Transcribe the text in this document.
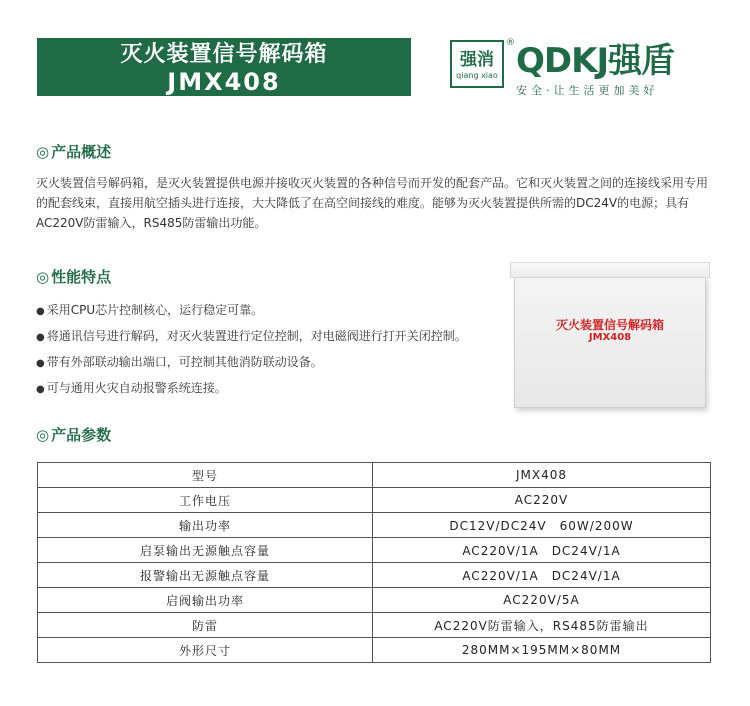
灭火装置信号解码箱
JMX408
强消
qiang xiao
® QDKJ强盾
安全·让生活更加美好
◎ 产品概述
灭火装置信号解码箱，是灭火装置提供电源并接收灭火装置的各种信号而开发的配套产品。它和灭火装置之间的连接线采用专用的配套线束，直接用航空插头进行连接，大大降低了在高空间接线的难度。能够为灭火装置提供所需的DC24V的电源；具有AC220V防雷输入，RS485防雷输出功能。
◎ 性能特点
● 采用CPU芯片控制核心，运行稳定可靠。
● 将通讯信号进行解码，对灭火装置进行定位控制，对电磁阀进行打开关闭控制。
● 带有外部联动输出端口，可控制其他消防联动设备。
● 可与通用火灾自动报警系统连接。
灭火装置信号解码箱
JMX408
◎ 产品参数
型号	JMX408
工作电压	AC220V
输出功率	DC12V/DC24V　60W/200W
启泵输出无源触点容量	AC220V/1A　DC24V/1A
报警输出无源触点容量	AC220V/1A　DC24V/1A
启阀输出功率	AC220V/5A
防雷	AC220V防雷输入，RS485防雷输出
外形尺寸	280MM×195MM×80MM
